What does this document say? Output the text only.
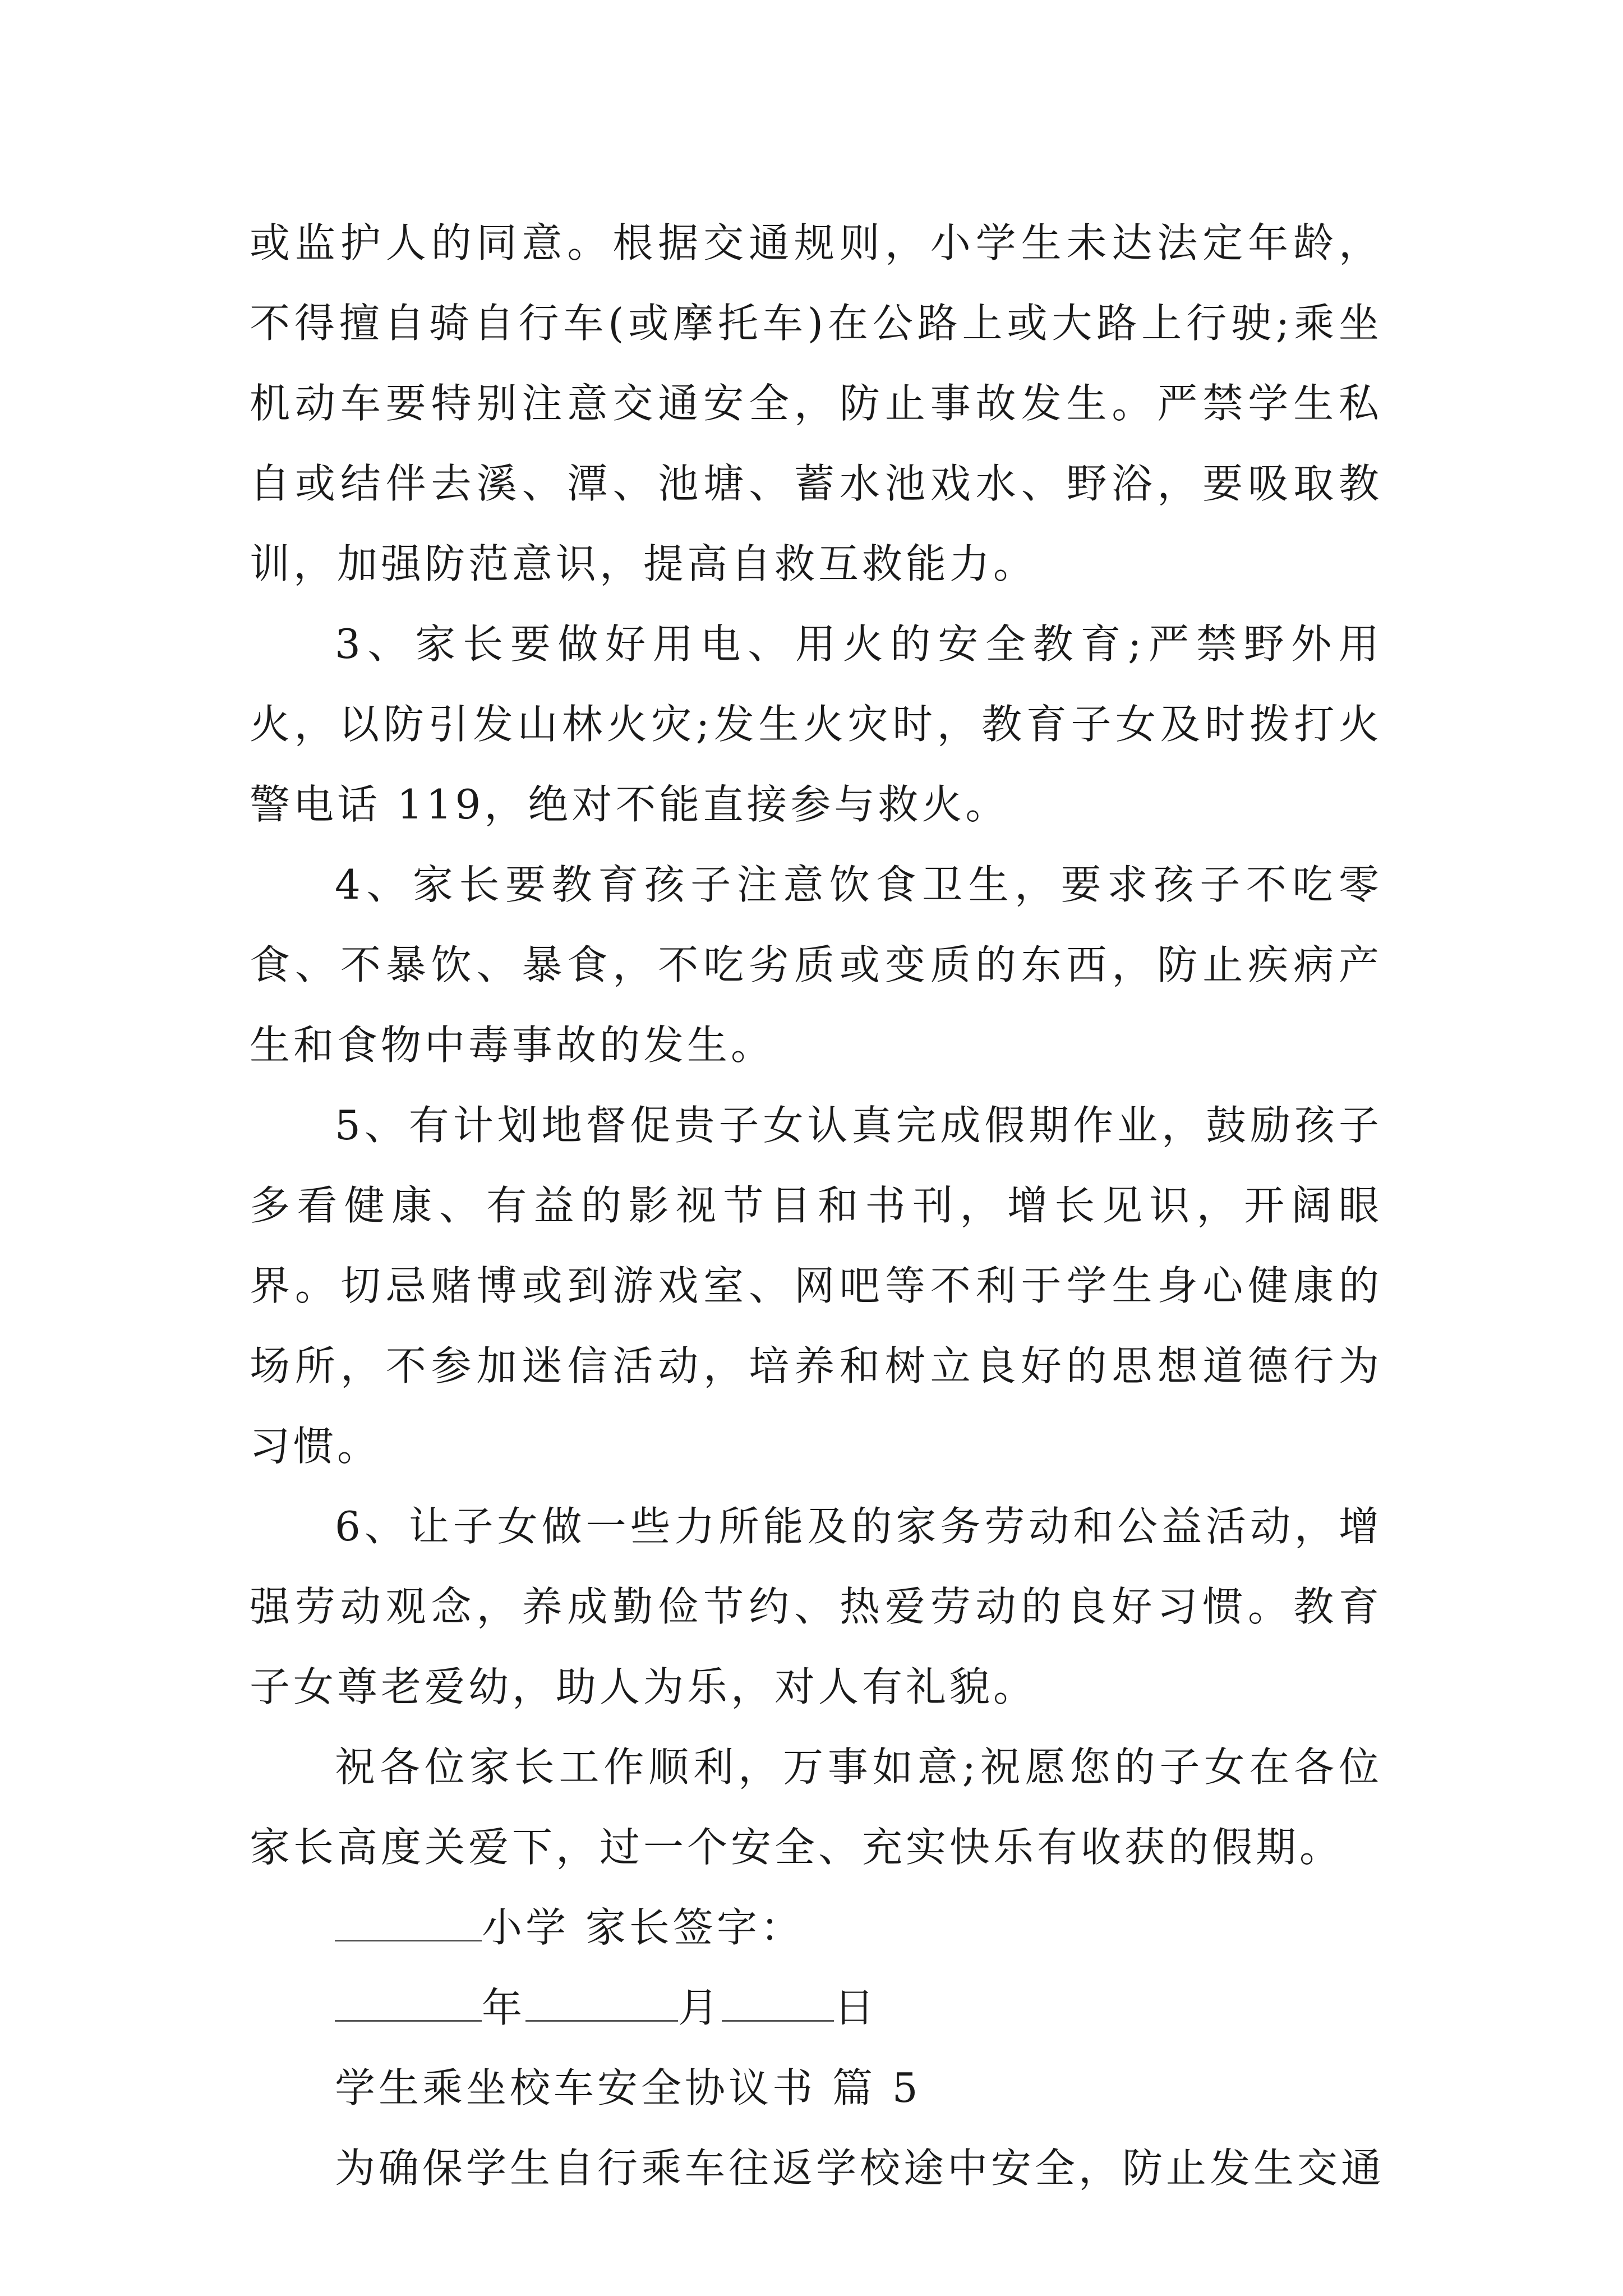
或监护人的同意。根据交通规则，小学生未达法定年龄，不得擅自骑自行车(或摩托车)在公路上或大路上行驶;乘坐机动车要特别注意交通安全，防止事故发生。严禁学生私自或结伴去溪、潭、池塘、蓄水池戏水、野浴，要吸取教训，加强防范意识，提高自救互救能力。

3、家长要做好用电、用火的安全教育;严禁野外用火，以防引发山林火灾;发生火灾时，教育子女及时拨打火警电话 119，绝对不能直接参与救火。

4、家长要教育孩子注意饮食卫生，要求孩子不吃零食、不暴饮、暴食，不吃劣质或变质的东西，防止疾病产生和食物中毒事故的发生。

5、有计划地督促贵子女认真完成假期作业，鼓励孩子多看健康、有益的影视节目和书刊，增长见识，开阔眼界。切忌赌博或到游戏室、网吧等不利于学生身心健康的场所，不参加迷信活动，培养和树立良好的思想道德行为习惯。

6、让子女做一些力所能及的家务劳动和公益活动，增强劳动观念，养成勤俭节约、热爱劳动的良好习惯。教育子女尊老爱幼，助人为乐，对人有礼貌。

祝各位家长工作顺利，万事如意;祝愿您的子女在各位家长高度关爱下，过一个安全、充实快乐有收获的假期。

小学 家长签字：
年	月	日

学生乘坐校车安全协议书 篇 5

为确保学生自行乘车往返学校途中安全，防止发生交通
